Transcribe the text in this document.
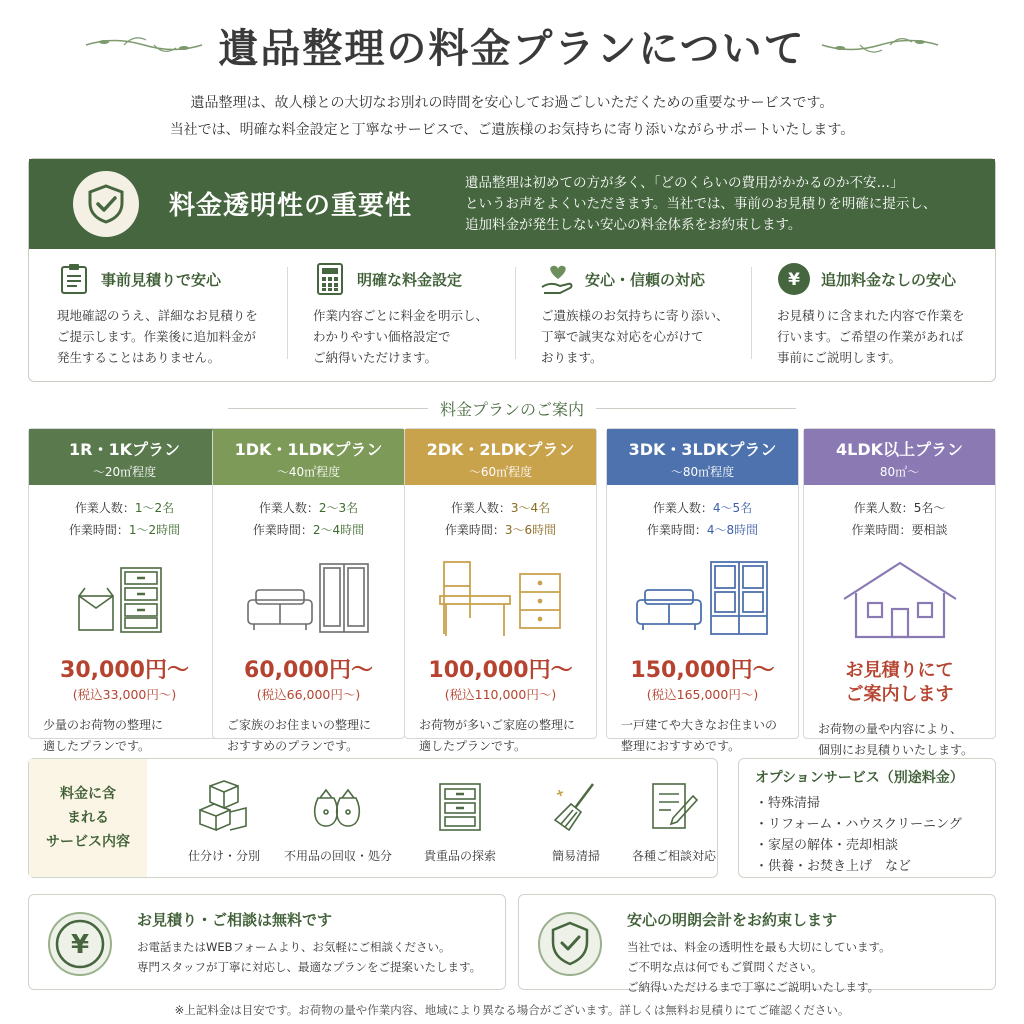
遺品整理の料金プランについて

遺品整理は、故人様との大切なお別れの時間を安心してお過ごしいただくための重要なサービスです。

当社では、明確な料金設定と丁寧なサービスで、ご遺族様のお気持ちに寄り添いながらサポートいたします。

料金透明性の重要性
遺品整理は初めての方が多く、「どのくらいの費用がかかるのか不安…」
というお声をよくいただきます。当社では、事前のお見積りを明確に提示し、
追加料金が発生しない安心の料金体系をお約束します。
事前見積りで安心
現地確認のうえ、詳細なお見積りを
ご提示します。作業後に追加料金が
発生することはありません。
明確な料金設定
作業内容ごとに料金を明示し、
わかりやすい価格設定で
ご納得いただけます。
安心・信頼の対応
ご遺族様のお気持ちに寄り添い、
丁寧で誠実な対応を心がけて
おります。
¥ 追加料金なしの安心
お見積りに含まれた内容で作業を
行います。ご希望の作業があれば
事前にご説明します。
料金プランのご案内
1R・1Kプラン
～20㎡程度
作業人数：1～2名
作業時間：1～2時間
30,000円～
(税込33,000円～)
少量のお荷物の整理に
適したプランです。
1DK・1LDKプラン
～40㎡程度
作業人数：2～3名
作業時間：2～4時間
60,000円～
(税込66,000円～)
ご家族のお住まいの整理に
おすすめのプランです。
2DK・2LDKプラン
～60㎡程度
作業人数：3～4名
作業時間：3～6時間
100,000円～
(税込110,000円～)
お荷物が多いご家庭の整理に
適したプランです。
3DK・3LDKプラン
～80㎡程度
作業人数：4～5名
作業時間：4～8時間
150,000円～
(税込165,000円～)
一戸建てや大きなお住まいの
整理におすすめです。
4LDK以上プラン
80㎡～
作業人数：5名～
作業時間：要相談
お見積りにて
ご案内します
お荷物の量や内容により、
個別にお見積りいたします。
料金に含
まれる
サービス内容
仕分け・分別	不用品の回収・処分	貴重品の探索	簡易清掃	各種ご相談対応
オプションサービス（別途料金）
・特殊清掃
・リフォーム・ハウスクリーニング
・家屋の解体・売却相談
・供養・お焚き上げ　など
¥
お見積り・ご相談は無料です
お電話またはWEBフォームより、お気軽にご相談ください。
専門スタッフが丁寧に対応し、最適なプランをご提案いたします。
安心の明朗会計をお約束します
当社では、料金の透明性を最も大切にしています。
ご不明な点は何でもご質問ください。
ご納得いただけるまで丁寧にご説明いたします。

※上記料金は目安です。お荷物の量や作業内容、地域により異なる場合がございます。詳しくは無料お見積りにてご確認ください。
